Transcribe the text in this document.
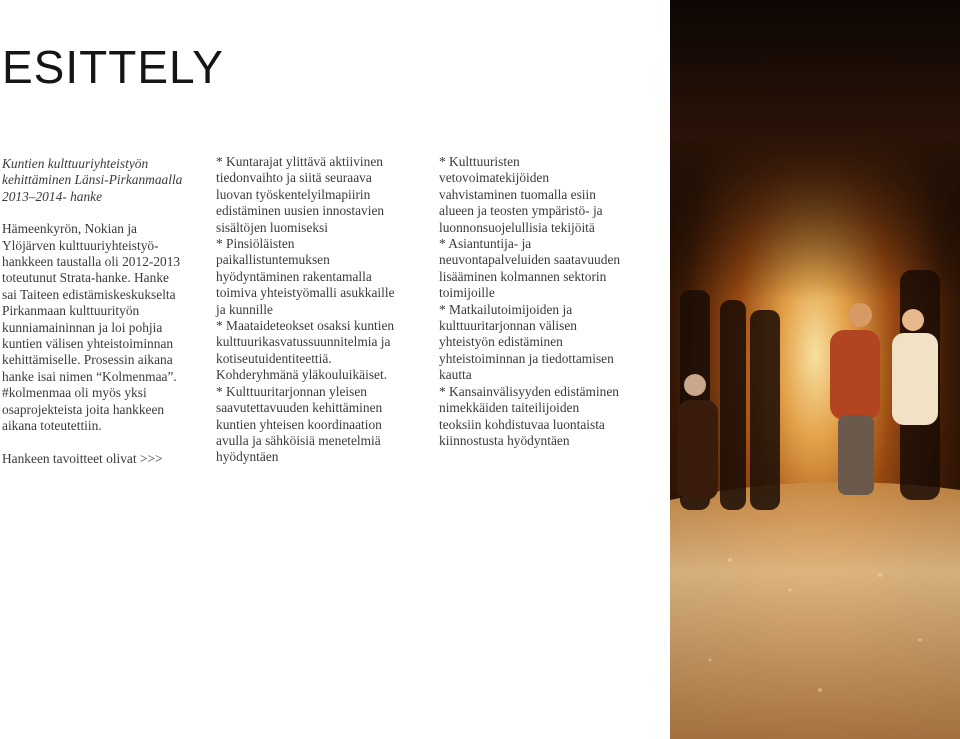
ESITTELY
Kuntien kulttuuriyhteistyön
kehittäminen Länsi-Pirkanmaalla
2013–2014- hanke
Hämeenkyrön, Nokian ja
Ylöjärven kulttuuriyhteistyö-
hankkeen taustalla oli 2012-2013
toteutunut Strata-hanke. Hanke
sai Taiteen edistämiskeskukselta
Pirkanmaan kulttuurityön
kunniamaininnan ja loi pohjia
kuntien välisen yhteistoiminnan
kehittämiselle. Prosessin aikana
hanke isai nimen “Kolmenmaa”.
#kolmenmaa oli myös yksi
osaprojekteista joita hankkeen
aikana toteutettiin.
Hankeen tavoitteet olivat >>>
* Kuntarajat ylittävä aktiivinen
tiedonvaihto ja siitä seuraava
luovan työskentelyilmapiirin
edistäminen uusien innostavien
sisältöjen luomiseksi
* Pinsiöläisten
paikallistuntemuksen
hyödyntäminen rakentamalla
toimiva yhteistyömalli asukkaille
ja kunnille
* Maataideteokset osaksi kuntien
kulttuurikasvatussuunnitelmia ja
kotiseutuidentiteettiä.
Kohderyhmänä yläkouluikäiset.
* Kulttuuritarjonnan yleisen
saavutettavuuden kehittäminen
kuntien yhteisen koordinaation
avulla ja sähköisiä menetelmiä
hyödyntäen
* Kulttuuristen
vetovoimatekijöiden
vahvistaminen tuomalla esiin
alueen ja teosten ympäristö- ja
luonnonsuojelullisia tekijöitä
* Asiantuntija- ja
neuvontapalveluiden saatavuuden
lisääminen kolmannen sektorin
toimijoille
* Matkailutoimijoiden ja
kulttuuritarjonnan välisen
yhteistyön edistäminen
yhteistoiminnan ja tiedottamisen
kautta
* Kansainvälisyyden edistäminen
nimekkäiden taiteilijoiden
teoksiin kohdistuvaa luontaista
kiinnostusta hyödyntäen
